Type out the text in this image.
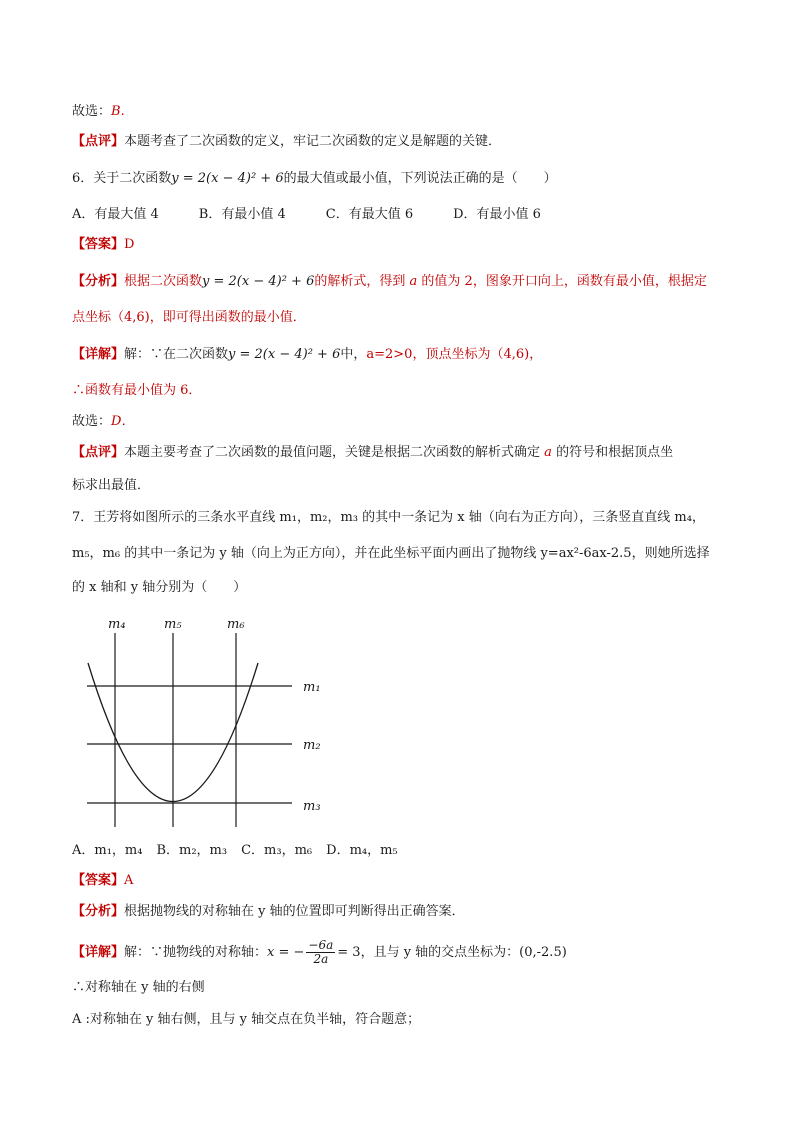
故选：B.
【点评】本题考查了二次函数的定义，牢记二次函数的定义是解题的关键．
6．关于二次函数y = 2(x − 4)² + 6的最大值或最小值，下列说法正确的是（　　）
A．有最大值 4	B．有最小值 4	C．有最大值 6	D．有最小值 6
【答案】D
【分析】根据二次函数y = 2(x − 4)² + 6的解析式，得到 a 的值为 2，图象开口向上，函数有最小值，根据定
点坐标（4,6)，即可得出函数的最小值．
【详解】解：∵在二次函数y = 2(x − 4)² + 6中，a=2>0，顶点坐标为（4,6)，
∴函数有最小值为 6．
故选：D．
【点评】本题主要考查了二次函数的最值问题，关键是根据二次函数的解析式确定 a 的符号和根据顶点坐
标求出最值．
7．王芳将如图所示的三条水平直线 m₁，m₂，m₃ 的其中一条记为 x 轴（向右为正方向），三条竖直直线 m₄，
m₅，m₆ 的其中一条记为 y 轴（向上为正方向），并在此坐标平面内画出了抛物线 y=ax²-6ax-2.5，则她所选择
的 x 轴和 y 轴分别为（　　）
m₄	m₅	m₆
m₁
m₂
m₃
A．m₁，m₄ B．m₂，m₃ C．m₃，m₆ D．m₄，m₅
【答案】A
【分析】根据抛物线的对称轴在 y 轴的位置即可判断得出正确答案．
【详解】解：∵抛物线的对称轴：x = − $\frac{-6a}{2a} = 3$，且与 y 轴的交点坐标为：(0,-2.5)
∴对称轴在 y 轴的右侧
A :对称轴在 y 轴右侧，且与 y 轴交点在负半轴，符合题意；
